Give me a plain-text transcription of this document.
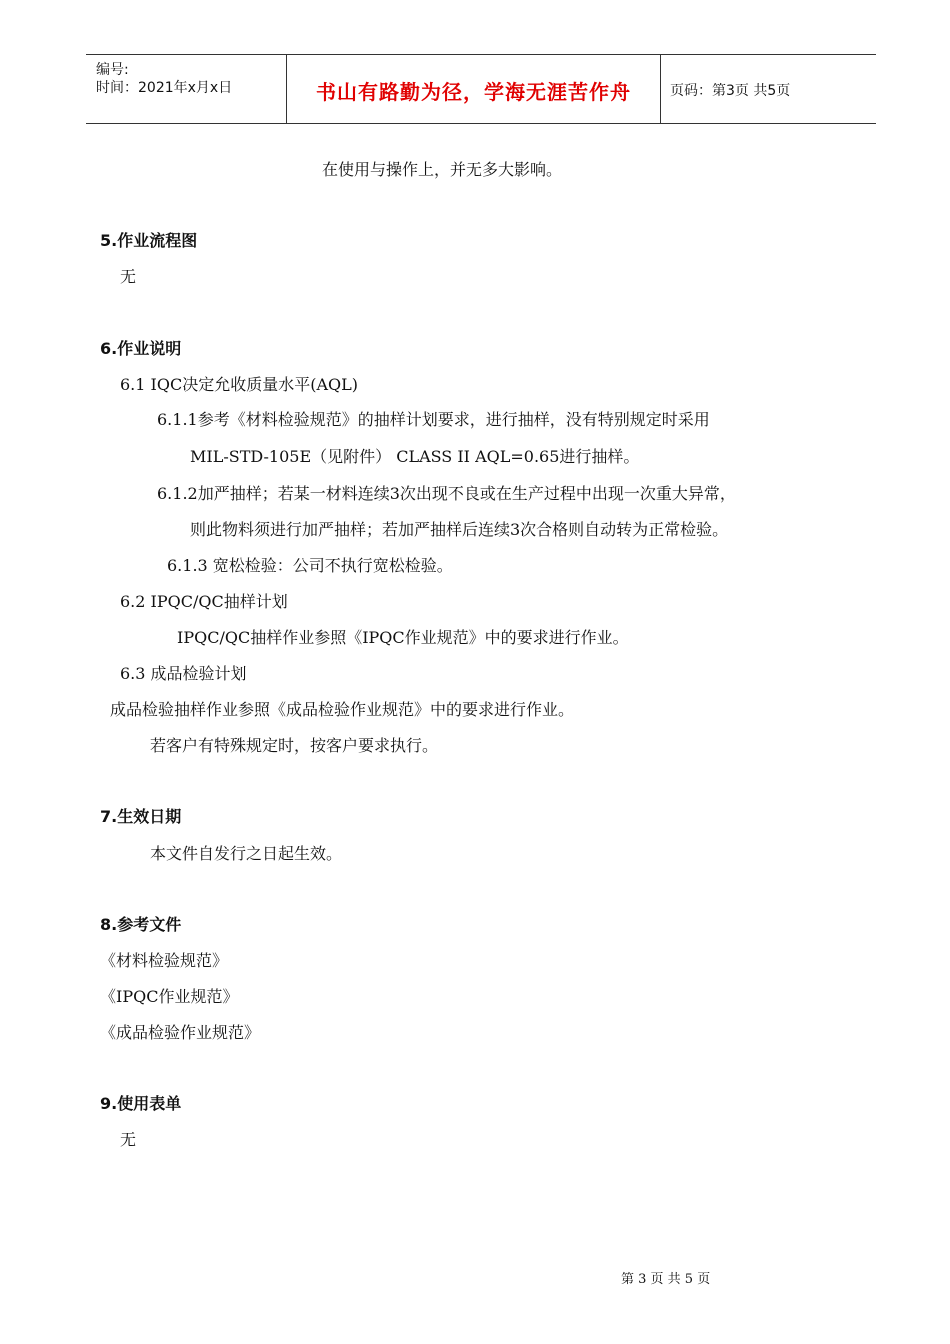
编号:
时间：2021年x月x日	书山有路勤为径，学海无涯苦作舟	页码：第3页 共5页
在使用与操作上，并无多大影响。
5.作业流程图
无
6.作业说明
6.1 IQC决定允收质量水平(AQL)
6.1.1参考《材料检验规范》的抽样计划要求，进行抽样，没有特别规定时采用
MIL-STD-105E（见附件） CLASS II AQL=0.65进行抽样。
6.1.2加严抽样；若某一材料连续3次出现不良或在生产过程中出现一次重大异常，
则此物料须进行加严抽样；若加严抽样后连续3次合格则自动转为正常检验。
6.1.3 宽松检验：公司不执行宽松检验。
6.2 IPQC/QC抽样计划
IPQC/QC抽样作业参照《IPQC作业规范》中的要求进行作业。
6.3 成品检验计划
成品检验抽样作业参照《成品检验作业规范》中的要求进行作业。
若客户有特殊规定时，按客户要求执行。
7.生效日期
本文件自发行之日起生效。
8.参考文件
《材料检验规范》
《IPQC作业规范》
《成品检验作业规范》
9.使用表单
无
第 3 页 共 5 页
